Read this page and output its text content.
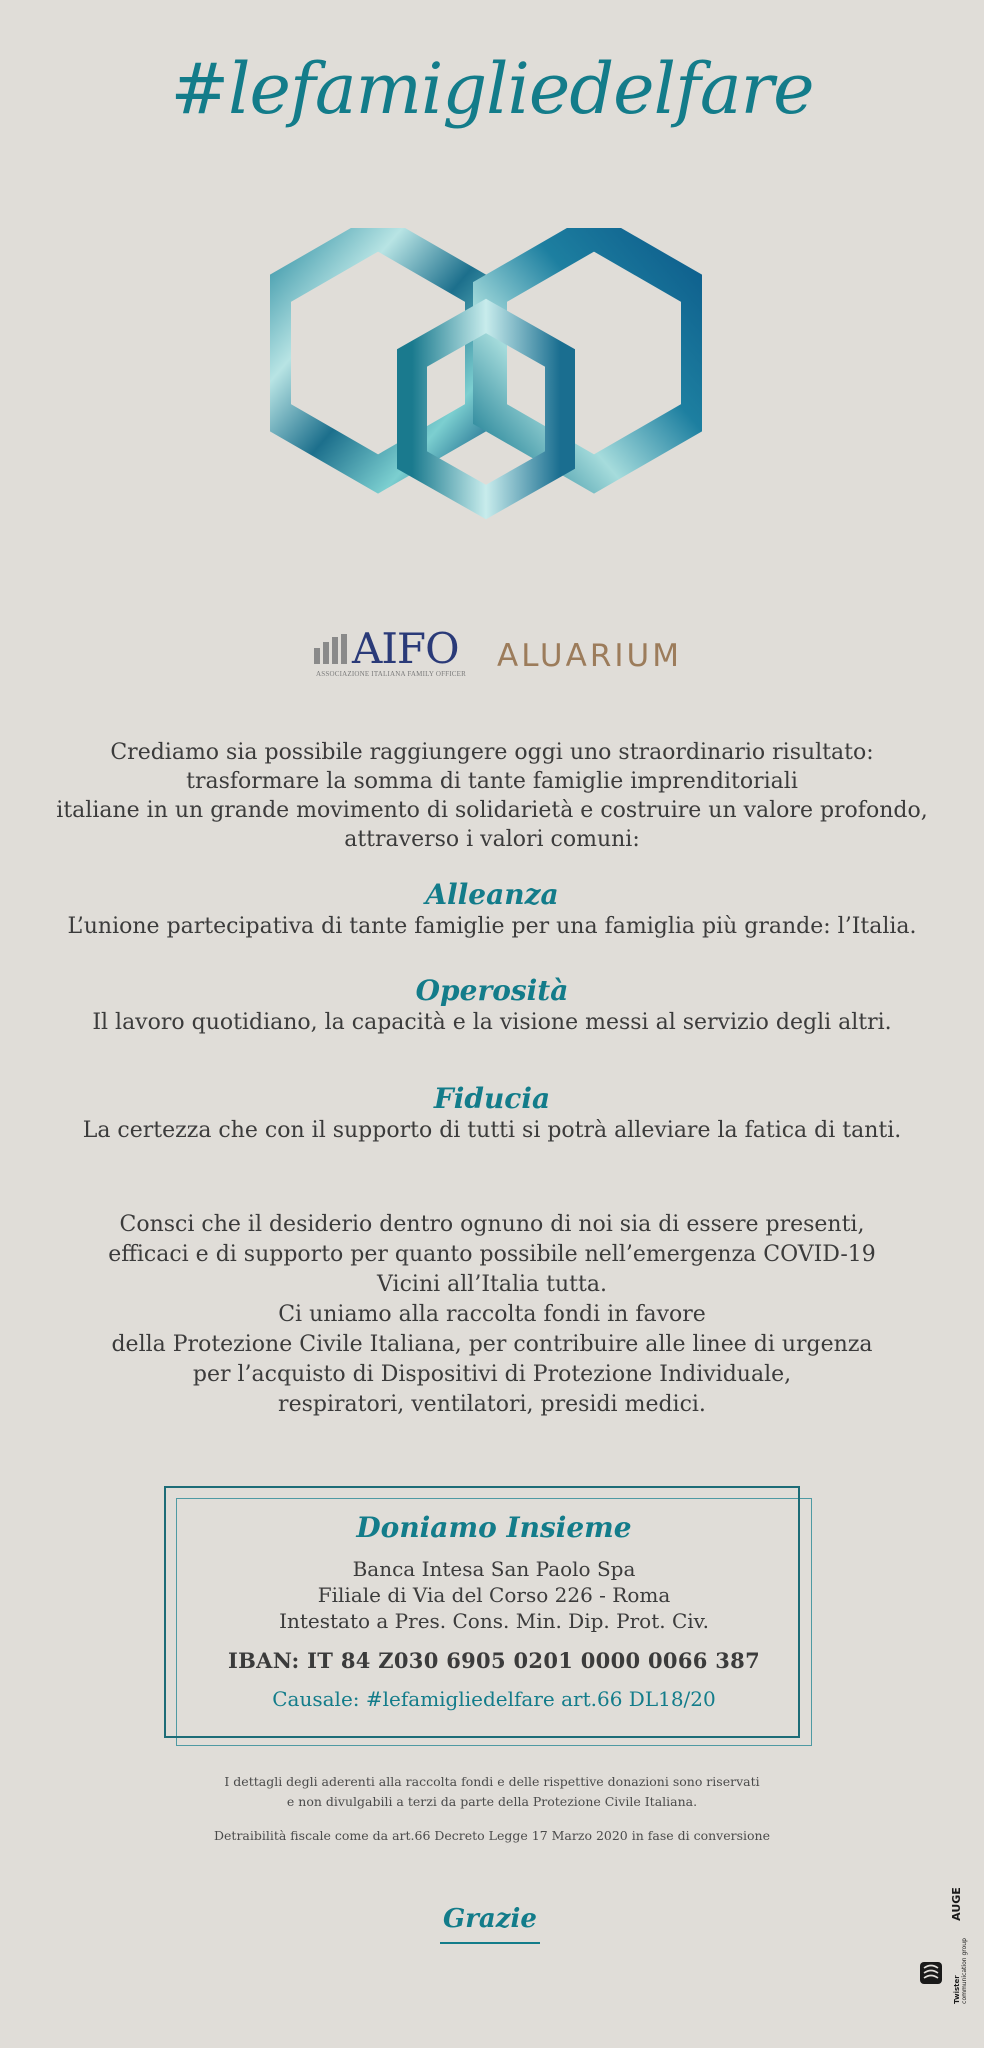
#lefamigliedelfare
AIFO
ASSOCIAZIONE ITALIANA FAMILY OFFICER ALUARIUM
Crediamo sia possibile raggiungere oggi uno straordinario risultato:
trasformare la somma di tante famiglie imprenditoriali
italiane in un grande movimento di solidarietà e costruire un valore profondo,
attraverso i valori comuni:
Alleanza
L’unione partecipativa di tante famiglie per una famiglia più grande: l’Italia.
Operosità
Il lavoro quotidiano, la capacità e la visione messi al servizio degli altri.
Fiducia
La certezza che con il supporto di tutti si potrà alleviare la fatica di tanti.
Consci che il desiderio dentro ognuno di noi sia di essere presenti,
efficaci e di supporto per quanto possibile nell’emergenza COVID-19
Vicini all’Italia tutta.
Ci uniamo alla raccolta fondi in favore
della Protezione Civile Italiana, per contribuire alle linee di urgenza
per l’acquisto di Dispositivi di Protezione Individuale,
respiratori, ventilatori, presidi medici.
Doniamo Insieme
Banca Intesa San Paolo Spa
Filiale di Via del Corso 226 - Roma
Intestato a Pres. Cons. Min. Dip. Prot. Civ.
IBAN: IT 84 Z030 6905 0201 0000 0066 387
Causale: #lefamigliedelfare art.66 DL18/20
I dettagli degli aderenti alla raccolta fondi e delle rispettive donazioni sono riservati
e non divulgabili a terzi da parte della Protezione Civile Italiana.
Detraibilità fiscale come da art.66 Decreto Legge 17 Marzo 2020 in fase di conversione
Grazie	AUGE
Twister communication group
